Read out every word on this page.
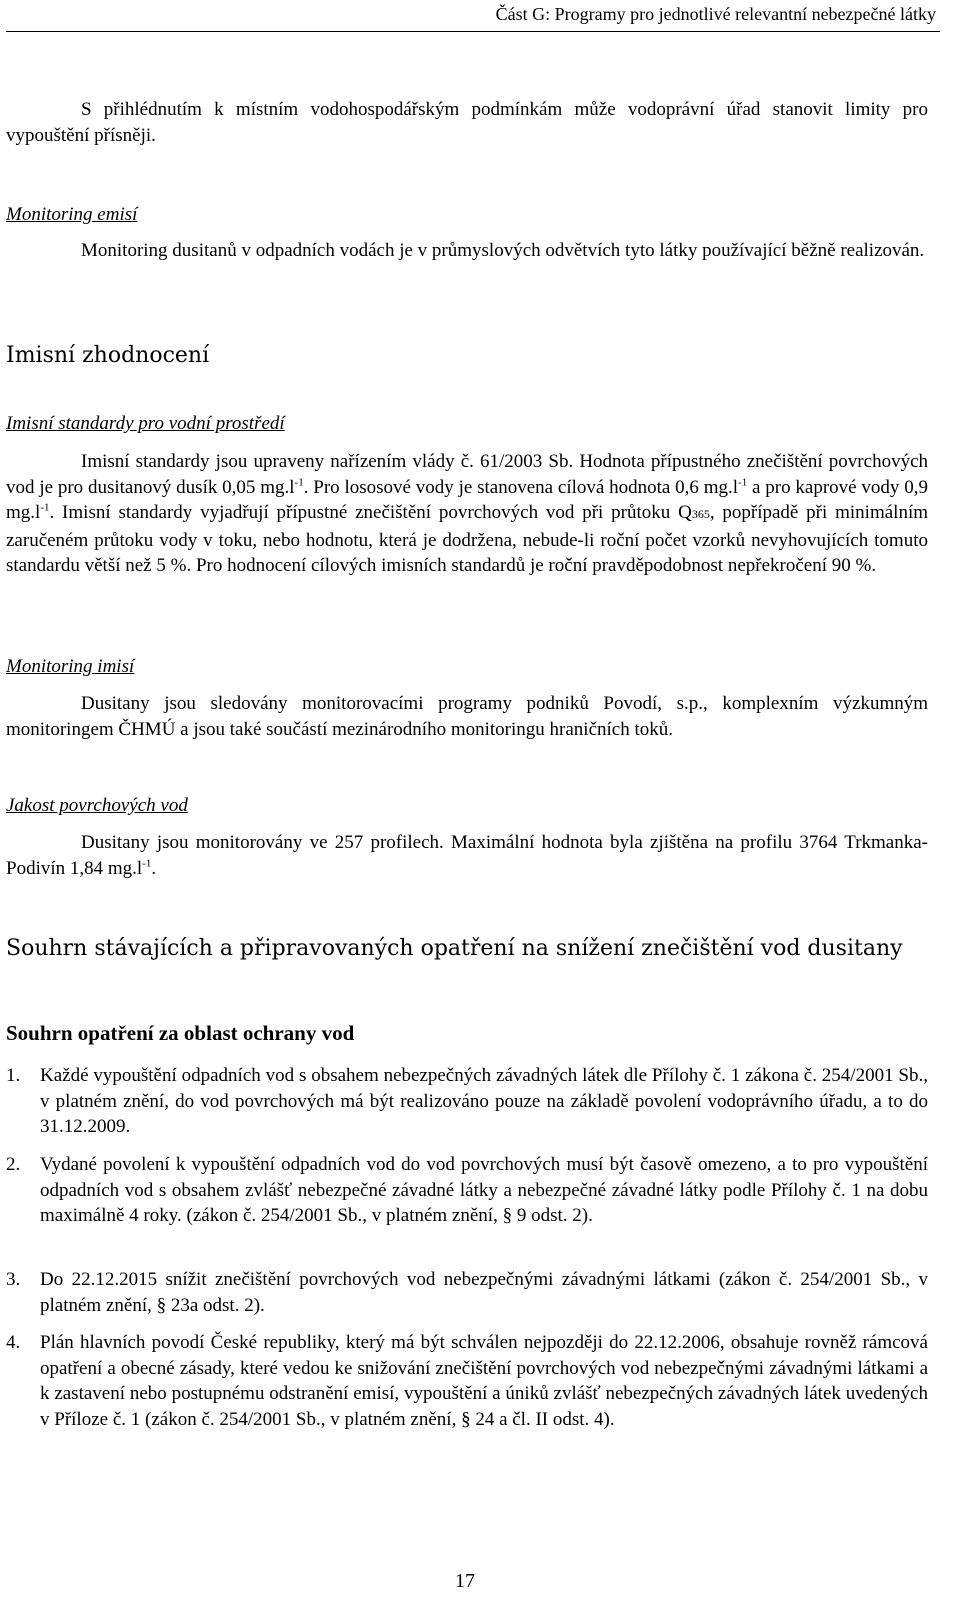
Část G: Programy pro jednotlivé relevantní nebezpečné látky
S přihlédnutím k místním vodohospodářským podmínkám může vodoprávní úřad stanovit limity pro vypouštění přísněji.
Monitoring emisí
Monitoring dusitanů v odpadních vodách je v průmyslových odvětvích tyto látky používající běžně realizován.
Imisní zhodnocení
Imisní standardy pro vodní prostředí
Imisní standardy jsou upraveny nařízením vlády č. 61/2003 Sb. Hodnota přípustného znečištění povrchových vod je pro dusitanový dusík 0,05 $mg.l^{-1}$. Pro lososové vody je stanovena cílová hodnota 0,6 $mg.l^{-1}$ a pro kaprové vody 0,9 $mg.l^{-1}$. Imisní standardy vyjadřují přípustné znečištění povrchových vod při průtoku Q365, popřípadě při minimálním zaručeném průtoku vody v toku, nebo hodnotu, která je dodržena, nebude-li roční počet vzorků nevyhovujících tomuto standardu větší než 5 %. Pro hodnocení cílových imisních standardů je roční pravděpodobnost nepřekročení 90 %.
Monitoring imisí
Dusitany jsou sledovány monitorovacími programy podniků Povodí, s.p., komplexním výzkumným monitoringem ČHMÚ a jsou také součástí mezinárodního monitoringu hraničních toků.
Jakost povrchových vod
Dusitany jsou monitorovány ve 257 profilech. Maximální hodnota byla zjištěna na profilu 3764 Trkmanka-Podivín 1,84 $mg.l^{-1}$.
Souhrn stávajících a připravovaných opatření na snížení znečištění vod dusitany
Souhrn opatření za oblast ochrany vod
1. Každé vypouštění odpadních vod s obsahem nebezpečných závadných látek dle Přílohy č. 1 zákona č. 254/2001 Sb., v platném znění, do vod povrchových má být realizováno pouze na základě povolení vodoprávního úřadu, a to do 31.12.2009.
2. Vydané povolení k vypouštění odpadních vod do vod povrchových musí být časově omezeno, a to pro vypouštění odpadních vod s obsahem zvlášť nebezpečné závadné látky a nebezpečné závadné látky podle Přílohy č. 1 na dobu maximálně 4 roky. (zákon č. 254/2001 Sb., v platném znění, § 9 odst. 2).
3. Do 22.12.2015 snížit znečištění povrchových vod nebezpečnými závadnými látkami (zákon č. 254/2001 Sb., v platném znění, § 23a odst. 2).
4. Plán hlavních povodí České republiky, který má být schválen nejpozději do 22.12.2006, obsahuje rovněž rámcová opatření a obecné zásady, které vedou ke snižování znečištění povrchových vod nebezpečnými závadnými látkami a k zastavení nebo postupnému odstranění emisí, vypouštění a úniků zvlášť nebezpečných závadných látek uvedených v Příloze č. 1 (zákon č. 254/2001 Sb., v platném znění, § 24 a čl. II odst. 4).
17
